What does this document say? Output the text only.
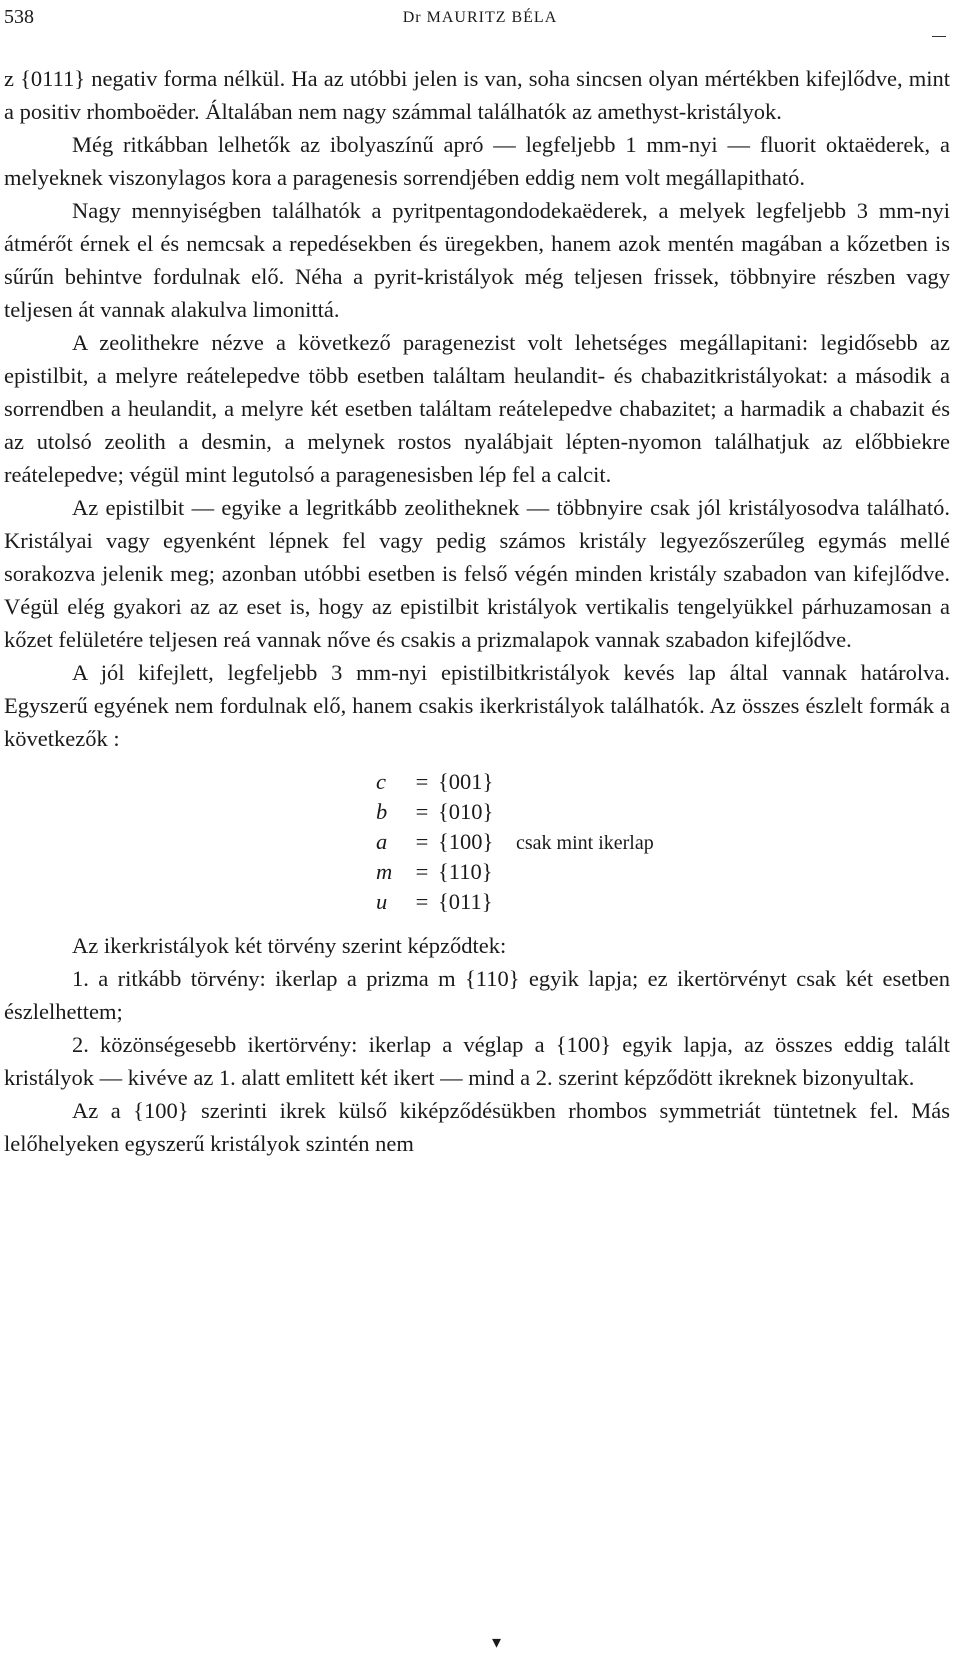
538	Dr MAURITZ BÉLA

z {0111} negativ forma nélkül. Ha az utóbbi jelen is van, soha sincsen olyan mértékben kifejlődve, mint a positiv rhomboëder. Általában nem nagy számmal találhatók az amethyst-kristályok.

Még ritkábban lelhetők az ibolyaszínű apró — legfeljebb 1 mm-nyi — fluorit oktaëderek, a melyeknek viszonylagos kora a paragenesis sorrendjében eddig nem volt megállapitható.

Nagy mennyiségben találhatók a pyritpentagondodekaëderek, a melyek legfeljebb 3 mm-nyi átmérőt érnek el és nemcsak a repedésekben és üregekben, hanem azok mentén magában a kőzetben is sűrűn behintve fordulnak elő. Néha a pyrit-kristályok még teljesen frissek, többnyire részben vagy teljesen át vannak alakulva limonittá.

A zeolithekre nézve a következő paragenezist volt lehetséges megállapitani: legidősebb az epistilbit, a melyre reátelepedve több esetben találtam heulandit- és chabazitkristályokat: a második a sorrendben a heulandit, a melyre két esetben találtam reátelepedve chabazitet; a harmadik a chabazit és az utolsó zeolith a desmin, a melynek rostos nyalábjait lépten-nyomon találhatjuk az előbbiekre reátelepedve; végül mint legutolsó a paragenesisben lép fel a calcit.

Az epistilbit — egyike a legritkább zeolitheknek — többnyire csak jól kristályosodva található. Kristályai vagy egyenként lépnek fel vagy pedig számos kristály legyezőszerűleg egymás mellé sorakozva jelenik meg; azonban utóbbi esetben is felső végén minden kristály szabadon van kifejlődve. Végül elég gyakori az az eset is, hogy az epistilbit kristályok vertikalis tengelyükkel párhuzamosan a kőzet felületére teljesen reá vannak nőve és csakis a prizmalapok vannak szabadon kifejlődve.

A jól kifejlett, legfeljebb 3 mm-nyi epistilbitkristályok kevés lap által vannak határolva. Egyszerű egyének nem fordulnak elő, hanem csakis ikerkristályok találhatók. Az összes észlelt formák a következők :

c = {001}
b = {010}
a = {100} csak mint ikerlap
m = {110}
u = {011}

Az ikerkristályok két törvény szerint képződtek:

1. a ritkább törvény: ikerlap a prizma m {110} egyik lapja; ez ikertörvényt csak két esetben észlelhettem;

2. közönségesebb ikertörvény: ikerlap a véglap a {100} egyik lapja, az összes eddig talált kristályok — kivéve az 1. alatt emlitett két ikert — mind a 2. szerint képződött ikreknek bizonyultak.

Az a {100} szerinti ikrek külső kiképződésükben rhombos symmetriát tüntetnek fel. Más lelőhelyeken egyszerű kristályok szintén nem

▾
